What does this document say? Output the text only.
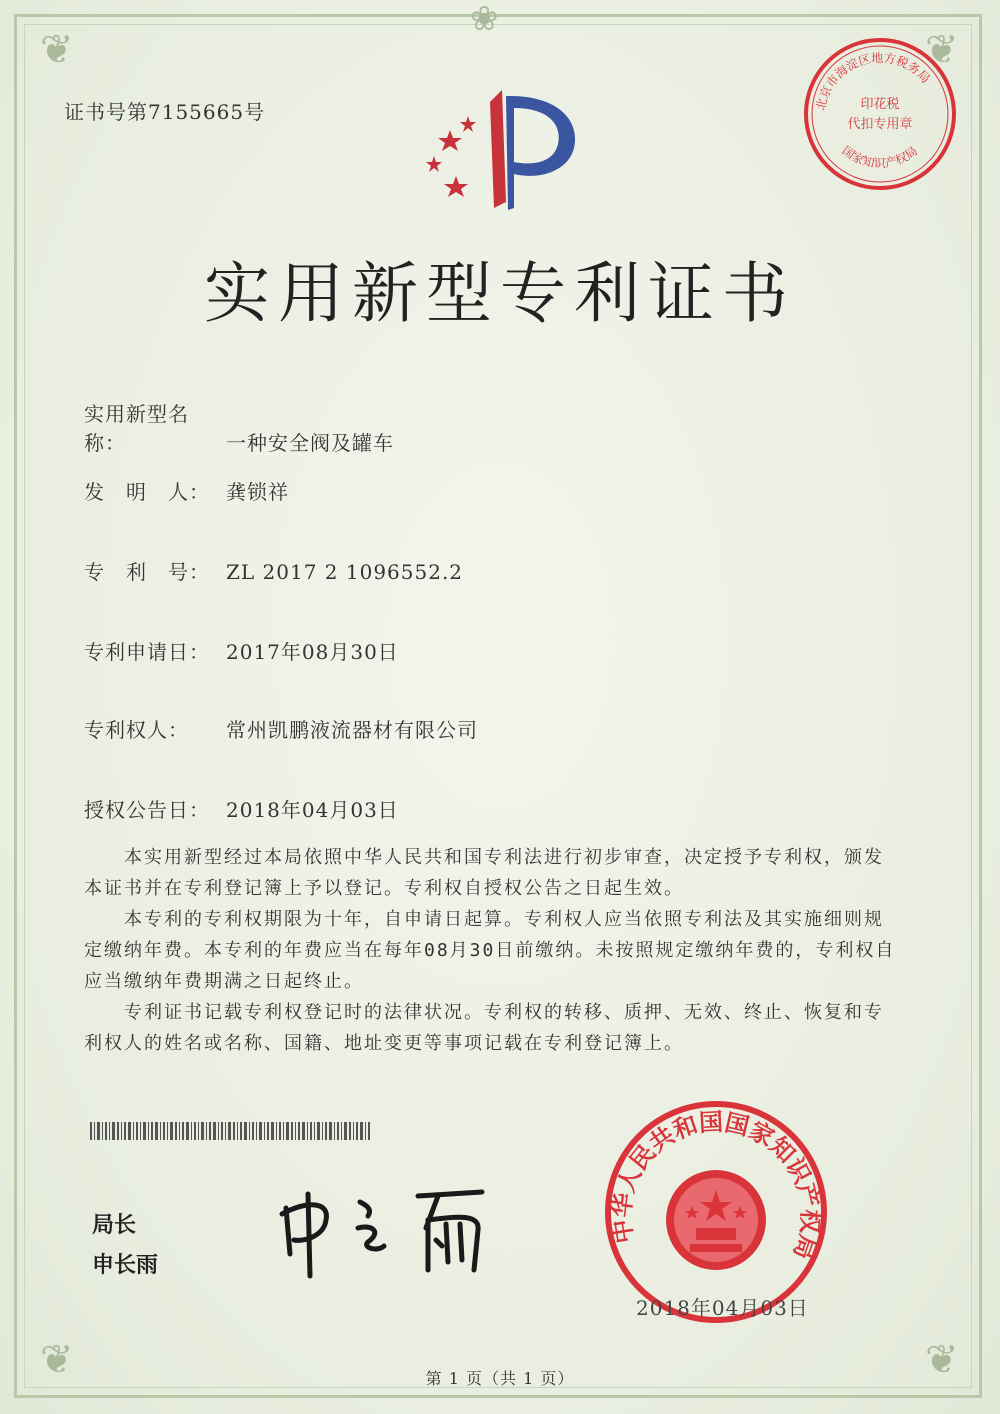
❦	❦
❦	❦
❀
证书号第7155665号	北京市海淀区地方税务局
印花税
代扣专用章
国家知识产权局
实用新型专利证书
实用新型名称：	一种安全阀及罐车
发　明　人： 龚锁祥
专　利　号： ZL 2017 2 1096552.2
专利申请日： 2017年08月30日
专利权人： 常州凯鹏液流器材有限公司
授权公告日： 2018年04月03日

本实用新型经过本局依照中华人民共和国专利法进行初步审查，决定授予专利权，颁发本证书并在专利登记簿上予以登记。专利权自授权公告之日起生效。

本专利的专利权期限为十年，自申请日起算。专利权人应当依照专利法及其实施细则规定缴纳年费。本专利的年费应当在每年08月30日前缴纳。未按照规定缴纳年费的，专利权自应当缴纳年费期满之日起终止。

专利证书记载专利权登记时的法律状况。专利权的转移、质押、无效、终止、恢复和专利权人的姓名或名称、国籍、地址变更等事项记载在专利登记簿上。

局长
申长雨
中华人民共和国国家知识产权局
2018年04月03日
第 1 页（共 1 页）
